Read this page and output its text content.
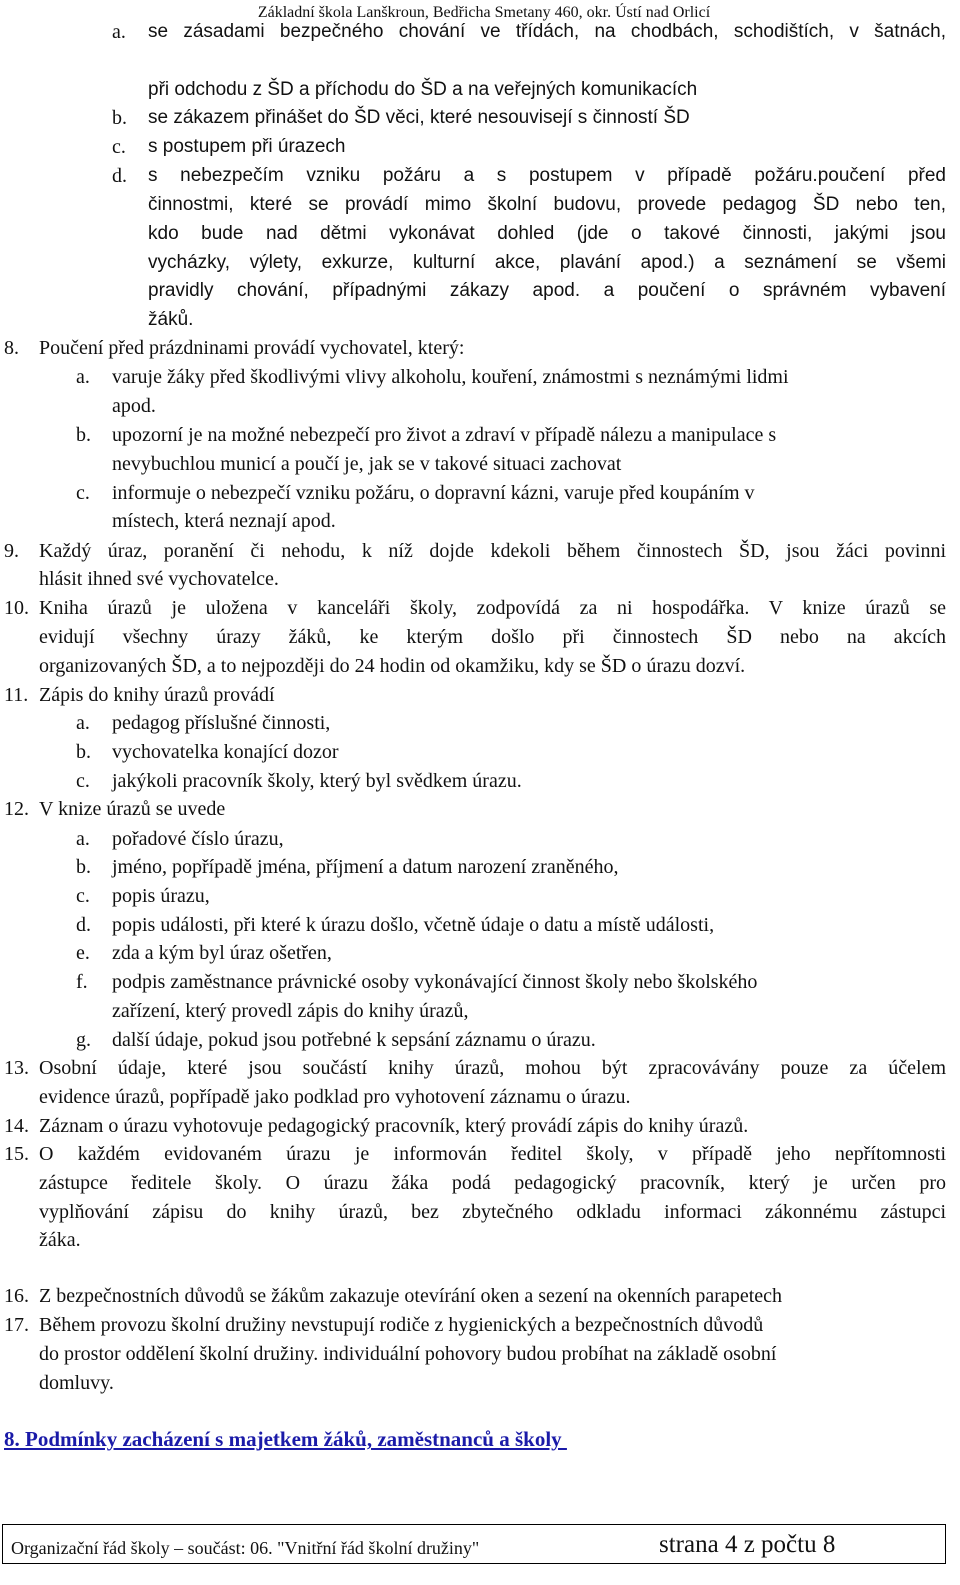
Základní škola Lanškroun, Bedřicha Smetany 460, okr. Ústí nad Orlicí
a.
b.
c.
d.
8.
a.
b.
c.
9.
10.
11.
a.
b.
c.
12.
a.
b.
c.
d.
e.
f.
g.
13.
14.
15.
16.
17.
se zásadami bezpečného chování ve třídách, na chodbách, schodištích, v šatnách,
při odchodu z ŠD a příchodu do ŠD a na veřejných komunikacích
se zákazem přinášet do ŠD věci, které nesouvisejí s činností ŠD
s postupem při úrazech
s nebezpečím vzniku požáru a s postupem v případě požáru.poučení před
činnostmi, které se provádí mimo školní budovu, provede pedagog ŠD nebo ten,
kdo bude nad dětmi vykonávat dohled (jde o takové činnosti, jakými jsou
vycházky, výlety, exkurze, kulturní akce, plavání apod.) a seznámení se všemi
pravidly chování, případnými zákazy apod. a poučení o správném vybavení
žáků.
Poučení před prázdninami provádí vychovatel, který:
varuje žáky před škodlivými vlivy alkoholu, kouření, známostmi s neznámými lidmi
apod.
upozorní je na možné nebezpečí pro život a zdraví v případě nálezu a manipulace s
nevybuchlou municí a poučí je, jak se v takové situaci zachovat
informuje o nebezpečí vzniku požáru, o dopravní kázni, varuje před koupáním v
místech, která neznají apod.
Každý úraz, poranění či nehodu, k níž dojde kdekoli během činnostech ŠD, jsou žáci povinni
hlásit ihned své vychovatelce.
Kniha úrazů je uložena v kanceláři školy, zodpovídá za ni hospodářka. V knize úrazů se
evidují všechny úrazy žáků, ke kterým došlo při činnostech ŠD nebo na akcích
organizovaných ŠD, a to nejpozději do 24 hodin od okamžiku, kdy se ŠD o úrazu dozví.
Zápis do knihy úrazů provádí
pedagog příslušné činnosti,
vychovatelka konající dozor
jakýkoli pracovník školy, který byl svědkem úrazu.
V knize úrazů se uvede
pořadové číslo úrazu,
jméno, popřípadě jména, příjmení a datum narození zraněného,
popis úrazu,
popis události, při které k úrazu došlo, včetně údaje o datu a místě události,
zda a kým byl úraz ošetřen,
podpis zaměstnance právnické osoby vykonávající činnost školy nebo školského
zařízení, který provedl zápis do knihy úrazů,
další údaje, pokud jsou potřebné k sepsání záznamu o úrazu.
Osobní údaje, které jsou součástí knihy úrazů, mohou být zpracovávány pouze za účelem
evidence úrazů, popřípadě jako podklad pro vyhotovení záznamu o úrazu.
Záznam o úrazu vyhotovuje pedagogický pracovník, který provádí zápis do knihy úrazů.
O každém evidovaném úrazu je informován ředitel školy, v případě jeho nepřítomnosti
zástupce ředitele školy. O úrazu žáka podá pedagogický pracovník, který je určen pro
vyplňování zápisu do knihy úrazů, bez zbytečného odkladu informaci zákonnému zástupci
žáka.
Z bezpečnostních důvodů se žákům zakazuje otevírání oken a sezení na okenních parapetech
Během provozu školní družiny nevstupují rodiče z hygienických a bezpečnostních důvodů
do prostor oddělení školní družiny. individuální pohovory budou probíhat na základě osobní
domluvy.
8. Podmínky zacházení s majetkem žáků, zaměstnanců a školy
Organizační řád školy – součást: 06. "Vnitřní řád školní družiny"	strana 4 z počtu 8
